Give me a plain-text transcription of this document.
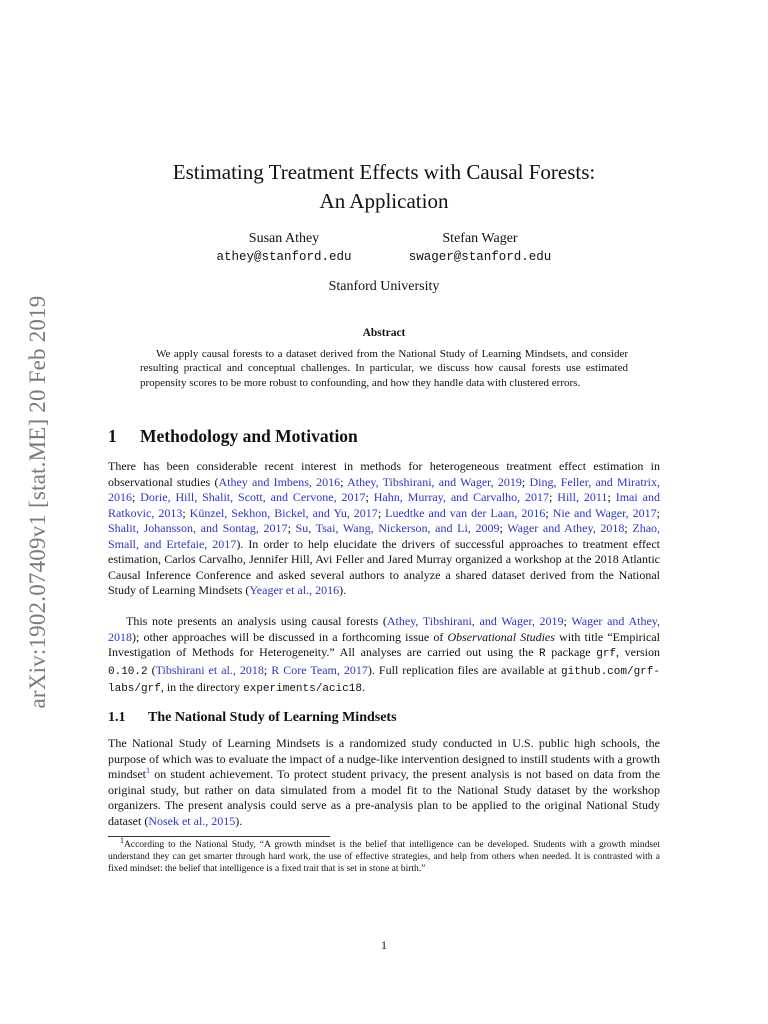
arXiv:1902.07409v1 [stat.ME] 20 Feb 2019
Estimating Treatment Effects with Causal Forests:
An Application
Susan Athey
athey@stanford.edu
Stefan Wager
swager@stanford.edu
Stanford University
Abstract

We apply causal forests to a dataset derived from the National Study of Learning Mindsets, and consider resulting practical and conceptual challenges. In particular, we discuss how causal forests use estimated propensity scores to be more robust to confounding, and how they handle data with clustered errors.

1 Methodology and Motivation

There has been considerable recent interest in methods for heterogeneous treatment effect estimation in observational studies (Athey and Imbens, 2016; Athey, Tibshirani, and Wager, 2019; Ding, Feller, and Miratrix, 2016; Dorie, Hill, Shalit, Scott, and Cervone, 2017; Hahn, Murray, and Carvalho, 2017; Hill, 2011; Imai and Ratkovic, 2013; Künzel, Sekhon, Bickel, and Yu, 2017; Luedtke and van der Laan, 2016; Nie and Wager, 2017; Shalit, Johansson, and Sontag, 2017; Su, Tsai, Wang, Nickerson, and Li, 2009; Wager and Athey, 2018; Zhao, Small, and Ertefaie, 2017). In order to help elucidate the drivers of successful approaches to treatment effect estimation, Carlos Carvalho, Jennifer Hill, Avi Feller and Jared Murray organized a workshop at the 2018 Atlantic Causal Inference Conference and asked several authors to analyze a shared dataset derived from the National Study of Learning Mindsets (Yeager et al., 2016).

This note presents an analysis using causal forests (Athey, Tibshirani, and Wager, 2019; Wager and Athey, 2018); other approaches will be discussed in a forthcoming issue of Observational Studies with title “Empirical Investigation of Methods for Heterogeneity.” All analyses are carried out using the R package grf, version 0.10.2 (Tibshirani et al., 2018; R Core Team, 2017). Full replication files are available at github.com/grf-labs/grf, in the directory experiments/acic18.

1.1 The National Study of Learning Mindsets

The National Study of Learning Mindsets is a randomized study conducted in U.S. public high schools, the purpose of which was to evaluate the impact of a nudge-like intervention designed to instill students with a growth mindset$^1$ on student achievement. To protect student privacy, the present analysis is not based on data from the original study, but rather on data simulated from a model fit to the National Study dataset by the workshop organizers. The present analysis could serve as a pre-analysis plan to be applied to the original National Study dataset (Nosek et al., 2015).

$^1$According to the National Study, “A growth mindset is the belief that intelligence can be developed. Students with a growth mindset understand they can get smarter through hard work, the use of effective strategies, and help from others when needed. It is contrasted with a fixed mindset: the belief that intelligence is a fixed trait that is set in stone at birth.”
1
